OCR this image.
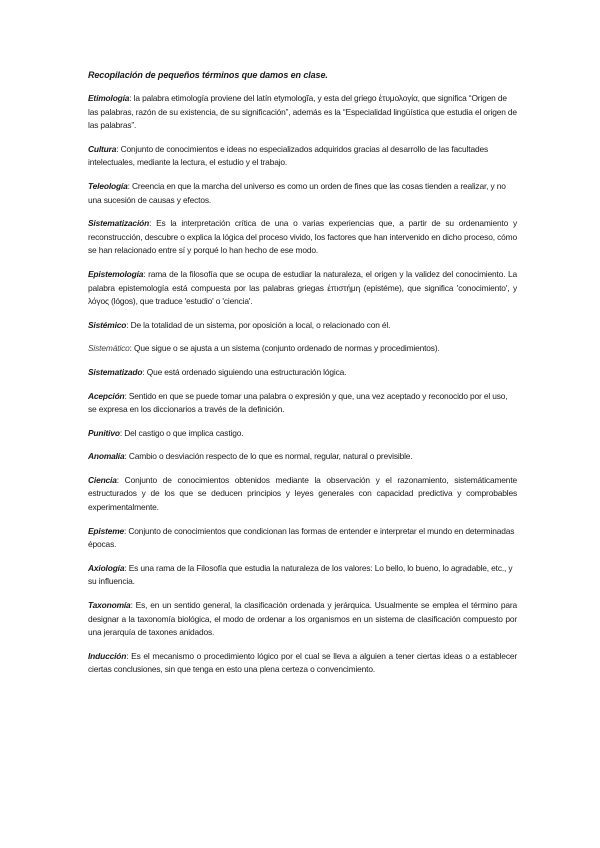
Recopilación de pequeños términos que damos en clase.

Etimología: la palabra etimología proviene del latín etymologĩa, y esta del griego ἐτυμολογία, que significa “Origen de las palabras, razón de su existencia, de su significación”, además es la “Especialidad lingüística que estudia el origen de las palabras”.

Cultura: Conjunto de conocimientos e ideas no especializados adquiridos gracias al desarrollo de las facultades intelectuales, mediante la lectura, el estudio y el trabajo.

Teleología: Creencia en que la marcha del universo es como un orden de fines que las cosas tienden a realizar, y no una sucesión de causas y efectos.

Sistematización: Es la interpretación crítica de una o varias experiencias que, a partir de su ordenamiento y reconstrucción, descubre o explica la lógica del proceso vivido, los factores que han intervenido en dicho proceso, cómo se han relacionado entre sí y porqué lo han hecho de ese modo.

Epistemología: rama de la filosofía que se ocupa de estudiar la naturaleza, el origen y la validez del conocimiento. La palabra epistemología está compuesta por las palabras griegas ἐπιστήμη (epistéme), que significa 'conocimiento', y λόγος (lógos), que traduce 'estudio' o 'ciencia'.

Sistémico: De la totalidad de un sistema, por oposición a local, o relacionado con él.

Sistemático: Que sigue o se ajusta a un sistema (conjunto ordenado de normas y procedimientos).

Sistematizado: Que está ordenado siguiendo una estructuración lógica.

Acepción: Sentido en que se puede tomar una palabra o expresión y que, una vez aceptado y reconocido por el uso, se expresa en los diccionarios a través de la definición.

Punitivo: Del castigo o que implica castigo.

Anomalía: Cambio o desviación respecto de lo que es normal, regular, natural o previsible.

Ciencia: Conjunto de conocimientos obtenidos mediante la observación y el razonamiento, sistemáticamente estructurados y de los que se deducen principios y leyes generales con capacidad predictiva y comprobables experimentalmente.

Episteme: Conjunto de conocimientos que condicionan las formas de entender e interpretar el mundo en determinadas épocas.

Axiología: Es una rama de la Filosofía que estudia la naturaleza de los valores: Lo bello, lo bueno, lo agradable, etc., y su influencia.

Taxonomía: Es, en un sentido general, la clasificación ordenada y jerárquica. Usualmente se emplea el término para designar a la taxonomía biológica, el modo de ordenar a los organismos en un sistema de clasificación compuesto por una jerarquía de taxones anidados.

Inducción: Es el mecanismo o procedimiento lógico por el cual se lleva a alguien a tener ciertas ideas o a establecer ciertas conclusiones, sin que tenga en esto una plena certeza o convencimiento.
